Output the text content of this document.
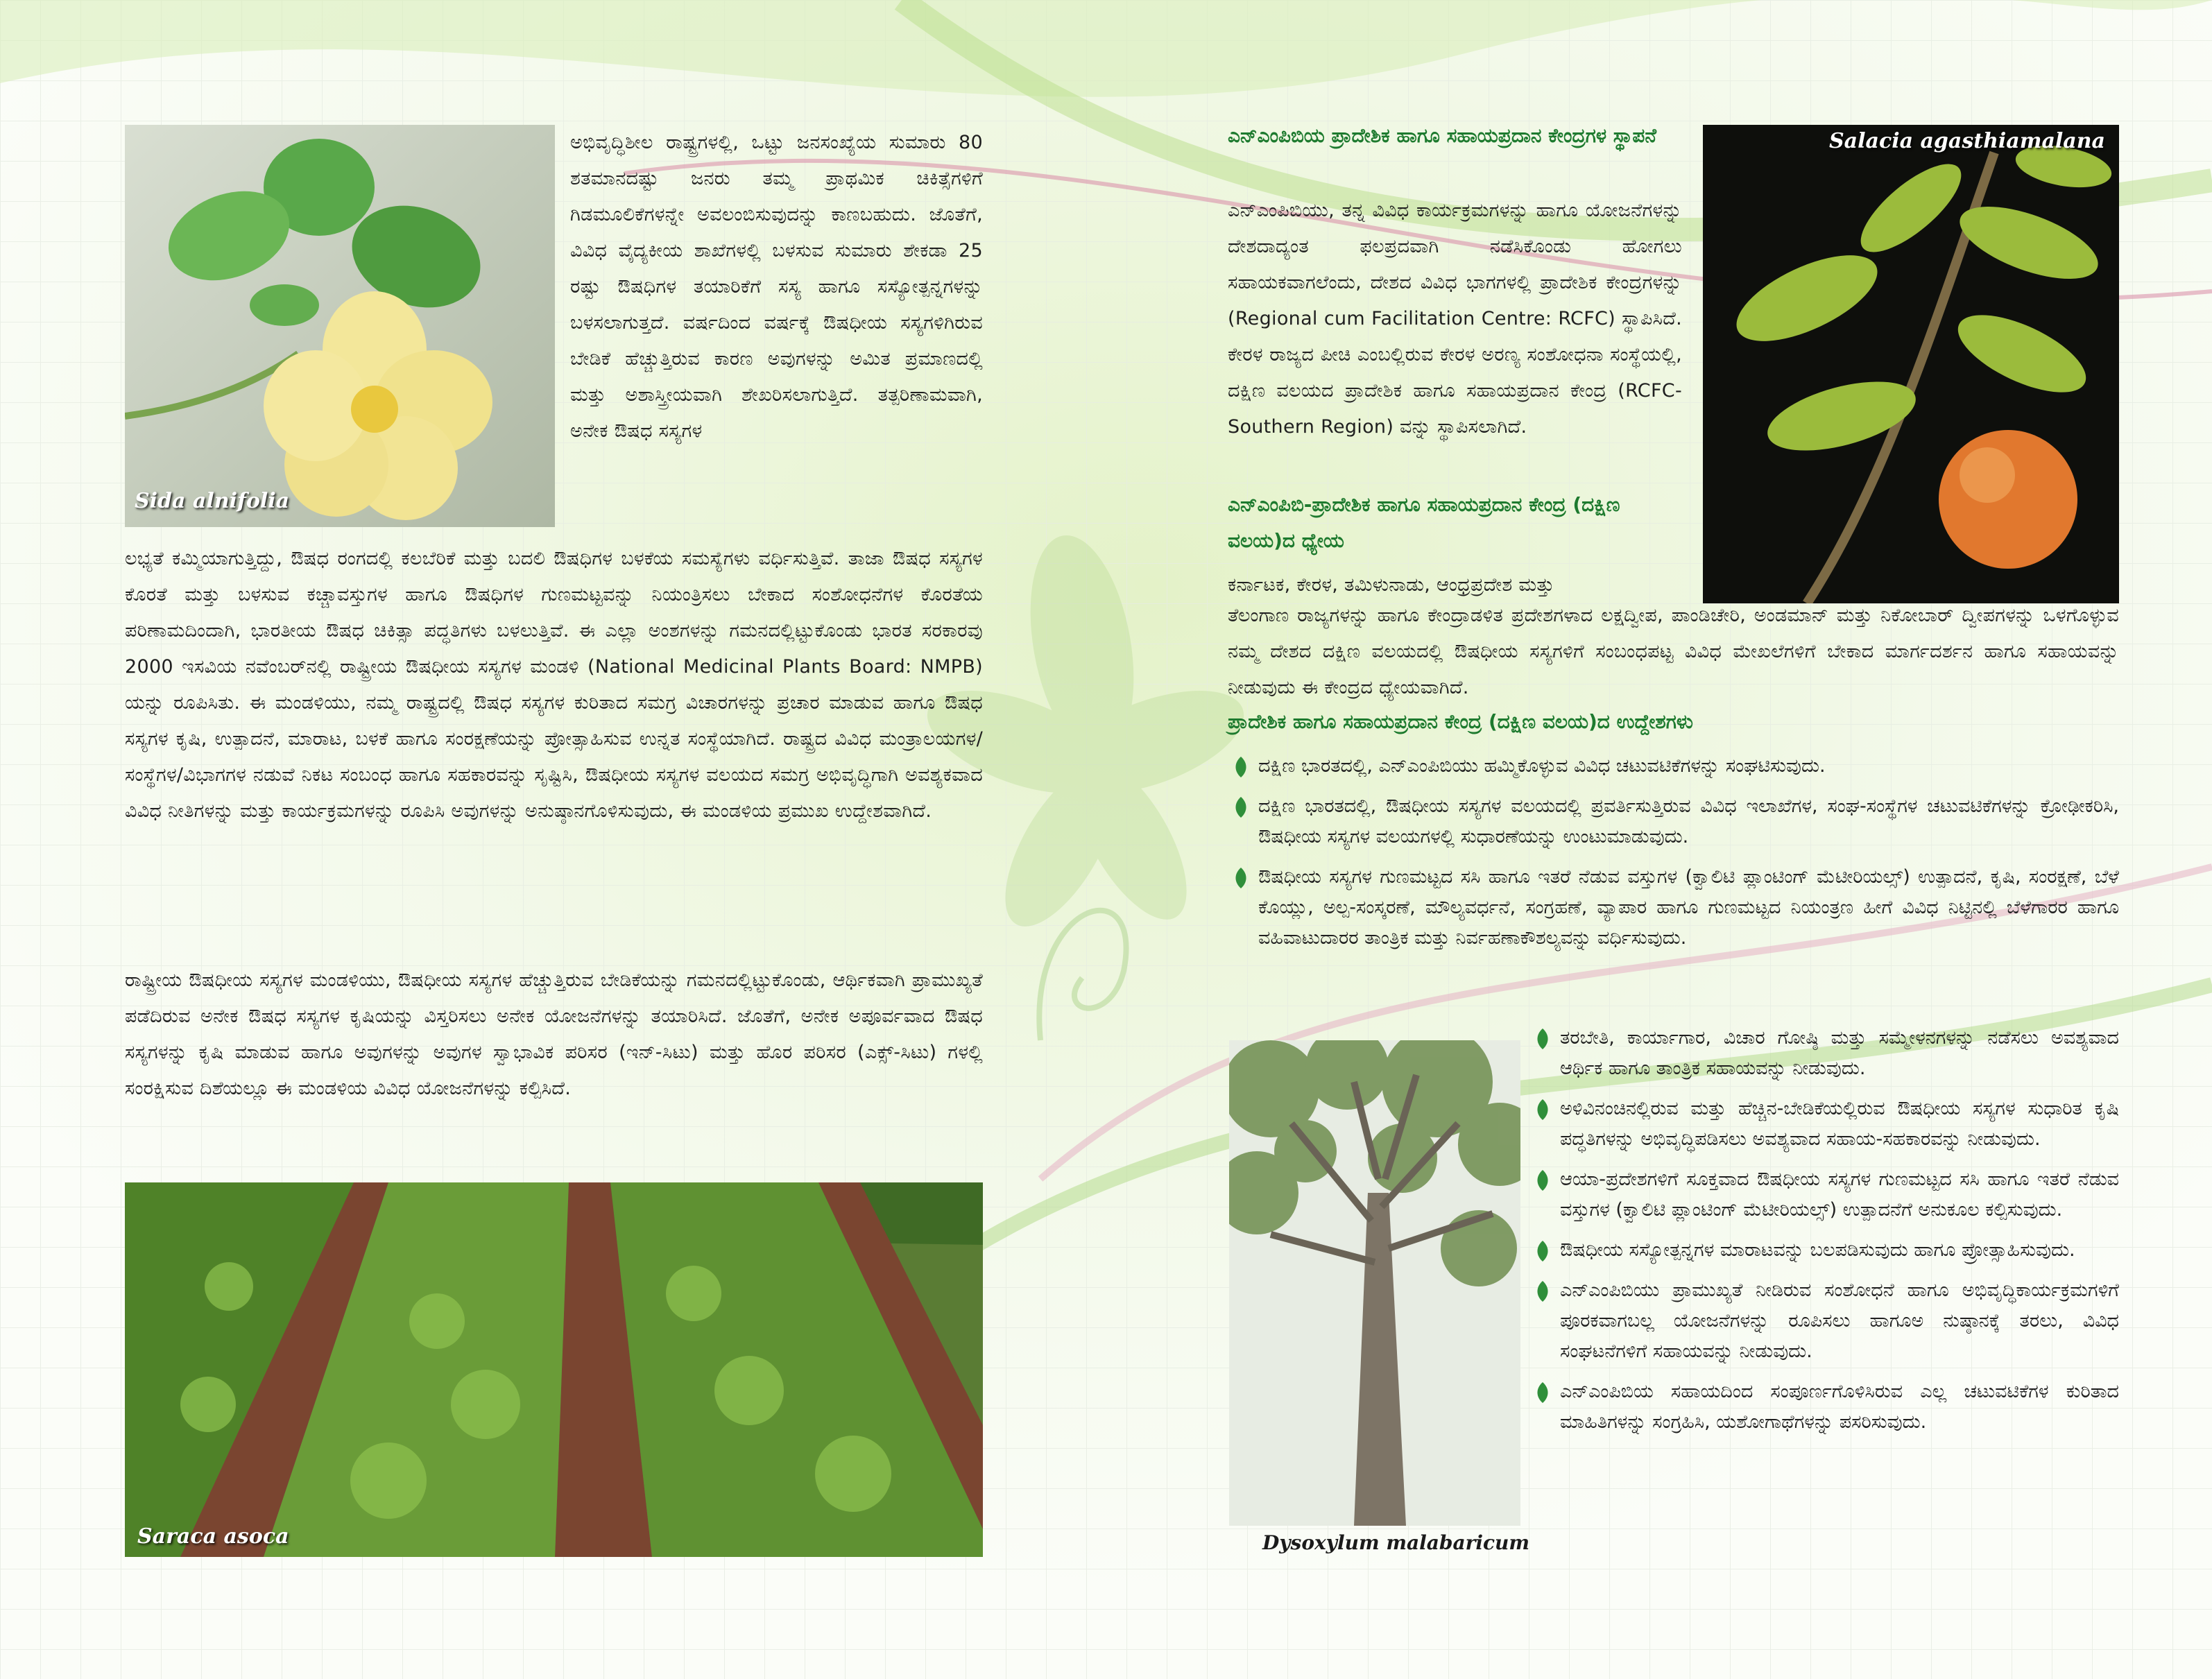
Sida alnifolia

ಅಭಿವೃದ್ಧಿಶೀಲ ರಾಷ್ಟ್ರಗಳಲ್ಲಿ, ಒಟ್ಟು ಜನಸಂಖ್ಯೆಯ ಸುಮಾರು 80 ಶತಮಾನದಷ್ಟು ಜನರು ತಮ್ಮ ಪ್ರಾಥಮಿಕ ಚಿಕಿತ್ಸೆಗಳಿಗೆ ಗಿಡಮೂಲಿಕೆಗಳನ್ನೇ ಅವಲಂಬಿಸುವುದನ್ನು ಕಾಣಬಹುದು. ಜೊತೆಗೆ, ವಿವಿಧ ವೈದ್ಯಕೀಯ ಶಾಖೆಗಳಲ್ಲಿ ಬಳಸುವ ಸುಮಾರು ಶೇಕಡಾ 25 ರಷ್ಟು ಔಷಧಿಗಳ ತಯಾರಿಕೆಗೆ ಸಸ್ಯ ಹಾಗೂ ಸಸ್ಯೋತ್ಪನ್ನಗಳನ್ನು ಬಳಸಲಾಗುತ್ತದೆ. ವರ್ಷದಿಂದ ವರ್ಷಕ್ಕೆ ಔಷಧೀಯ ಸಸ್ಯಗಳಿಗಿರುವ ಬೇಡಿಕೆ ಹೆಚ್ಚುತ್ತಿರುವ ಕಾರಣ ಅವುಗಳನ್ನು ಅಮಿತ ಪ್ರಮಾಣದಲ್ಲಿ ಮತ್ತು ಅಶಾಸ್ತ್ರೀಯವಾಗಿ ಶೇಖರಿಸಲಾಗುತ್ತಿದೆ. ತತ್ಪರಿಣಾಮವಾಗಿ, ಅನೇಕ ಔಷಧ ಸಸ್ಯಗಳ

ಲಭ್ಯತೆ ಕಮ್ಮಿಯಾಗುತ್ತಿದ್ದು, ಔಷಧ ರಂಗದಲ್ಲಿ ಕಲಬೆರಿಕೆ ಮತ್ತು ಬದಲಿ ಔಷಧಿಗಳ ಬಳಕೆಯ ಸಮಸ್ಯೆಗಳು ವರ್ಧಿಸುತ್ತಿವೆ. ತಾಜಾ ಔಷಧ ಸಸ್ಯಗಳ ಕೊರತೆ ಮತ್ತು ಬಳಸುವ ಕಚ್ಚಾವಸ್ತುಗಳ ಹಾಗೂ ಔಷಧಿಗಳ ಗುಣಮಟ್ಟವನ್ನು ನಿಯಂತ್ರಿಸಲು ಬೇಕಾದ ಸಂಶೋಧನೆಗಳ ಕೊರತೆಯ ಪರಿಣಾಮದಿಂದಾಗಿ, ಭಾರತೀಯ ಔಷಧ ಚಿಕಿತ್ಸಾ ಪದ್ಧತಿಗಳು ಬಳಲುತ್ತಿವೆ. ಈ ಎಲ್ಲಾ ಅಂಶಗಳನ್ನು ಗಮನದಲ್ಲಿಟ್ಟುಕೊಂಡು ಭಾರತ ಸರಕಾರವು 2000 ಇಸವಿಯ ನವೆಂಬರ್‌ನಲ್ಲಿ ರಾಷ್ಟ್ರೀಯ ಔಷಧೀಯ ಸಸ್ಯಗಳ ಮಂಡಳಿ (National Medicinal Plants Board: NMPB) ಯನ್ನು ರೂಪಿಸಿತು. ಈ ಮಂಡಳಿಯು, ನಮ್ಮ ರಾಷ್ಟ್ರದಲ್ಲಿ ಔಷಧ ಸಸ್ಯಗಳ ಕುರಿತಾದ ಸಮಗ್ರ ವಿಚಾರಗಳನ್ನು ಪ್ರಚಾರ ಮಾಡುವ ಹಾಗೂ ಔಷಧ ಸಸ್ಯಗಳ ಕೃಷಿ, ಉತ್ಪಾದನೆ, ಮಾರಾಟ, ಬಳಕೆ ಹಾಗೂ ಸಂರಕ್ಷಣೆಯನ್ನು ಪ್ರೋತ್ಸಾಹಿಸುವ ಉನ್ನತ ಸಂಸ್ಥೆಯಾಗಿದೆ. ರಾಷ್ಟ್ರದ ವಿವಿಧ ಮಂತ್ರಾಲಯಗಳ/ಸಂಸ್ಥೆಗಳ/ವಿಭಾಗಗಳ ನಡುವೆ ನಿಕಟ ಸಂಬಂಧ ಹಾಗೂ ಸಹಕಾರವನ್ನು ಸೃಷ್ಟಿಸಿ, ಔಷಧೀಯ ಸಸ್ಯಗಳ ವಲಯದ ಸಮಗ್ರ ಅಭಿವೃದ್ಧಿಗಾಗಿ ಅವಶ್ಯಕವಾದ ವಿವಿಧ ನೀತಿಗಳನ್ನು ಮತ್ತು ಕಾರ್ಯಕ್ರಮಗಳನ್ನು ರೂಪಿಸಿ ಅವುಗಳನ್ನು ಅನುಷ್ಠಾನಗೊಳಿಸುವುದು, ಈ ಮಂಡಳಿಯ ಪ್ರಮುಖ ಉದ್ದೇಶವಾಗಿದೆ.

ರಾಷ್ಟ್ರೀಯ ಔಷಧೀಯ ಸಸ್ಯಗಳ ಮಂಡಳಿಯು, ಔಷಧೀಯ ಸಸ್ಯಗಳ ಹೆಚ್ಚುತ್ತಿರುವ ಬೇಡಿಕೆಯನ್ನು ಗಮನದಲ್ಲಿಟ್ಟುಕೊಂಡು, ಆರ್ಥಿಕವಾಗಿ ಪ್ರಾಮುಖ್ಯತೆ ಪಡೆದಿರುವ ಅನೇಕ ಔಷಧ ಸಸ್ಯಗಳ ಕೃಷಿಯನ್ನು ವಿಸ್ತರಿಸಲು ಅನೇಕ ಯೋಜನೆಗಳನ್ನು ತಯಾರಿಸಿದೆ. ಜೊತೆಗೆ, ಅನೇಕ ಅಪೂರ್ವವಾದ ಔಷಧ ಸಸ್ಯಗಳನ್ನು ಕೃಷಿ ಮಾಡುವ ಹಾಗೂ ಅವುಗಳನ್ನು ಅವುಗಳ ಸ್ವಾಭಾವಿಕ ಪರಿಸರ (ಇನ್-ಸಿಟು) ಮತ್ತು ಹೊರ ಪರಿಸರ (ಎಕ್ಸ್-ಸಿಟು) ಗಳಲ್ಲಿ ಸಂರಕ್ಷಿಸುವ ದಿಶೆಯಲ್ಲೂ ಈ ಮಂಡಳಿಯ ವಿವಿಧ ಯೋಜನೆಗಳನ್ನು ಕಲ್ಪಿಸಿದೆ.

Saraca asoca
ಎನ್‌ಎಂಪಿಬಿಯ ಪ್ರಾದೇಶಿಕ ಹಾಗೂ ಸಹಾಯಪ್ರದಾನ ಕೇಂದ್ರಗಳ ಸ್ಥಾಪನೆ

ಎನ್‌ಎಂಪಿಬಿಯು, ತನ್ನ ವಿವಿಧ ಕಾರ್ಯಕ್ರಮಗಳನ್ನು ಹಾಗೂ ಯೋಜನೆಗಳನ್ನು ದೇಶದಾದ್ಯಂತ ಫಲಪ್ರದವಾಗಿ ನಡೆಸಿಕೊಂಡು ಹೋಗಲು ಸಹಾಯಕವಾಗಲೆಂದು, ದೇಶದ ವಿವಿಧ ಭಾಗಗಳಲ್ಲಿ ಪ್ರಾದೇಶಿಕ ಕೇಂದ್ರಗಳನ್ನು (Regional cum Facilitation Centre: RCFC) ಸ್ಥಾಪಿಸಿದೆ. ಕೇರಳ ರಾಜ್ಯದ ಪೀಚಿ ಎಂಬಲ್ಲಿರುವ ಕೇರಳ ಅರಣ್ಯ ಸಂಶೋಧನಾ ಸಂಸ್ಥೆಯಲ್ಲಿ, ದಕ್ಷಿಣ ವಲಯದ ಪ್ರಾದೇಶಿಕ ಹಾಗೂ ಸಹಾಯಪ್ರದಾನ ಕೇಂದ್ರ (RCFC-Southern Region) ವನ್ನು ಸ್ಥಾಪಿಸಲಾಗಿದೆ.

Salacia agasthiamalana
ಎನ್‌ಎಂಪಿಬಿ-ಪ್ರಾದೇಶಿಕ ಹಾಗೂ ಸಹಾಯಪ್ರದಾನ ಕೇಂದ್ರ (ದಕ್ಷಿಣ ವಲಯ)ದ ಧ್ಯೇಯ

ಕರ್ನಾಟಕ, ಕೇರಳ, ತಮಿಳುನಾಡು, ಆಂಧ್ರಪ್ರದೇಶ ಮತ್ತು

ತೆಲಂಗಾಣ ರಾಜ್ಯಗಳನ್ನು ಹಾಗೂ ಕೇಂದ್ರಾಡಳಿತ ಪ್ರದೇಶಗಳಾದ ಲಕ್ಷದ್ವೀಪ, ಪಾಂಡಿಚೇರಿ, ಅಂಡಮಾನ್ ಮತ್ತು ನಿಕೋಬಾರ್ ದ್ವೀಪಗಳನ್ನು ಒಳಗೊಳ್ಳುವ ನಮ್ಮ ದೇಶದ ದಕ್ಷಿಣ ವಲಯದಲ್ಲಿ ಔಷಧೀಯ ಸಸ್ಯಗಳಿಗೆ ಸಂಬಂಧಪಟ್ಟ ವಿವಿಧ ಮೇಖಲೆಗಳಿಗೆ ಬೇಕಾದ ಮಾರ್ಗದರ್ಶನ ಹಾಗೂ ಸಹಾಯವನ್ನು ನೀಡುವುದು ಈ ಕೇಂದ್ರದ ಧ್ಯೇಯವಾಗಿದೆ.

ಪ್ರಾದೇಶಿಕ ಹಾಗೂ ಸಹಾಯಪ್ರದಾನ ಕೇಂದ್ರ (ದಕ್ಷಿಣ ವಲಯ)ದ ಉದ್ದೇಶಗಳು
ದಕ್ಷಿಣ ಭಾರತದಲ್ಲಿ, ಎನ್‌ಎಂಪಿಬಿಯು ಹಮ್ಮಿಕೊಳ್ಳುವ ವಿವಿಧ ಚಟುವಟಿಕೆಗಳನ್ನು ಸಂಘಟಿಸುವುದು.
ದಕ್ಷಿಣ ಭಾರತದಲ್ಲಿ, ಔಷಧೀಯ ಸಸ್ಯಗಳ ವಲಯದಲ್ಲಿ ಪ್ರವರ್ತಿಸುತ್ತಿರುವ ವಿವಿಧ ಇಲಾಖೆಗಳ, ಸಂಘ-ಸಂಸ್ಥೆಗಳ ಚಟುವಟಿಕೆಗಳನ್ನು ಕ್ರೋಢೀಕರಿಸಿ, ಔಷಧೀಯ ಸಸ್ಯಗಳ ವಲಯಗಳಲ್ಲಿ ಸುಧಾರಣೆಯನ್ನು ಉಂಟುಮಾಡುವುದು.
ಔಷಧೀಯ ಸಸ್ಯಗಳ ಗುಣಮಟ್ಟದ ಸಸಿ ಹಾಗೂ ಇತರೆ ನೆಡುವ ವಸ್ತುಗಳ (ಕ್ವಾಲಿಟಿ ಪ್ಲಾಂಟಿಂಗ್ ಮೆಟೀರಿಯಲ್ಸ್) ಉತ್ಪಾದನೆ, ಕೃಷಿ, ಸಂರಕ್ಷಣೆ, ಬೆಳೆ ಕೊಯ್ಲು, ಅಲ್ಪ-ಸಂಸ್ಕರಣೆ, ಮೌಲ್ಯವರ್ಧನೆ, ಸಂಗ್ರಹಣೆ, ವ್ಯಾಪಾರ ಹಾಗೂ ಗುಣಮಟ್ಟದ ನಿಯಂತ್ರಣ ಹೀಗೆ ವಿವಿಧ ನಿಟ್ಟಿನಲ್ಲಿ ಬೆಳೆಗಾರರ ಹಾಗೂ ವಹಿವಾಟುದಾರರ ತಾಂತ್ರಿಕ ಮತ್ತು ನಿರ್ವಹಣಾಕೌಶಲ್ಯವನ್ನು ವರ್ಧಿಸುವುದು.
Dysoxylum malabaricum
ತರಬೇತಿ, ಕಾರ್ಯಾಗಾರ, ವಿಚಾರ ಗೋಷ್ಠಿ ಮತ್ತು ಸಮ್ಮೇಳನಗಳನ್ನು ನಡೆಸಲು ಅವಶ್ಯವಾದ ಆರ್ಥಿಕ ಹಾಗೂ ತಾಂತ್ರಿಕ ಸಹಾಯವನ್ನು ನೀಡುವುದು.
ಅಳಿವಿನಂಚಿನಲ್ಲಿರುವ ಮತ್ತು ಹೆಚ್ಚಿನ-ಬೇಡಿಕೆಯಲ್ಲಿರುವ ಔಷಧೀಯ ಸಸ್ಯಗಳ ಸುಧಾರಿತ ಕೃಷಿ ಪದ್ಧತಿಗಳನ್ನು ಅಭಿವೃದ್ಧಿಪಡಿಸಲು ಅವಶ್ಯವಾದ ಸಹಾಯ-ಸಹಕಾರವನ್ನು ನೀಡುವುದು.
ಆಯಾ-ಪ್ರದೇಶಗಳಿಗೆ ಸೂಕ್ತವಾದ ಔಷಧೀಯ ಸಸ್ಯಗಳ ಗುಣಮಟ್ಟದ ಸಸಿ ಹಾಗೂ ಇತರೆ ನೆಡುವ ವಸ್ತುಗಳ (ಕ್ವಾಲಿಟಿ ಪ್ಲಾಂಟಿಂಗ್ ಮೆಟೀರಿಯಲ್ಸ್) ಉತ್ಪಾದನೆಗೆ ಅನುಕೂಲ ಕಲ್ಪಿಸುವುದು.
ಔಷಧೀಯ ಸಸ್ಯೋತ್ಪನ್ನಗಳ ಮಾರಾಟವನ್ನು ಬಲಪಡಿಸುವುದು ಹಾಗೂ ಪ್ರೋತ್ಸಾಹಿಸುವುದು.
ಎನ್‌ಎಂಪಿಬಿಯು ಪ್ರಾಮುಖ್ಯತೆ ನೀಡಿರುವ ಸಂಶೋಧನೆ ಹಾಗೂ ಅಭಿವೃದ್ಧಿಕಾರ್ಯಕ್ರಮಗಳಿಗೆ ಪೂರಕವಾಗಬಲ್ಲ ಯೋಜನೆಗಳನ್ನು ರೂಪಿಸಲು ಹಾಗೂಅ ನುಷ್ಠಾನಕ್ಕೆ ತರಲು, ವಿವಿಧ ಸಂಘಟನೆಗಳಿಗೆ ಸಹಾಯವನ್ನು ನೀಡುವುದು.
ಎನ್‌ಎಂಪಿಬಿಯ ಸಹಾಯದಿಂದ ಸಂಪೂರ್ಣಗೊಳಿಸಿರುವ ಎಲ್ಲ ಚಟುವಟಿಕೆಗಳ ಕುರಿತಾದ ಮಾಹಿತಿಗಳನ್ನು ಸಂಗ್ರಹಿಸಿ, ಯಶೋಗಾಥೆಗಳನ್ನು ಪಸರಿಸುವುದು.
